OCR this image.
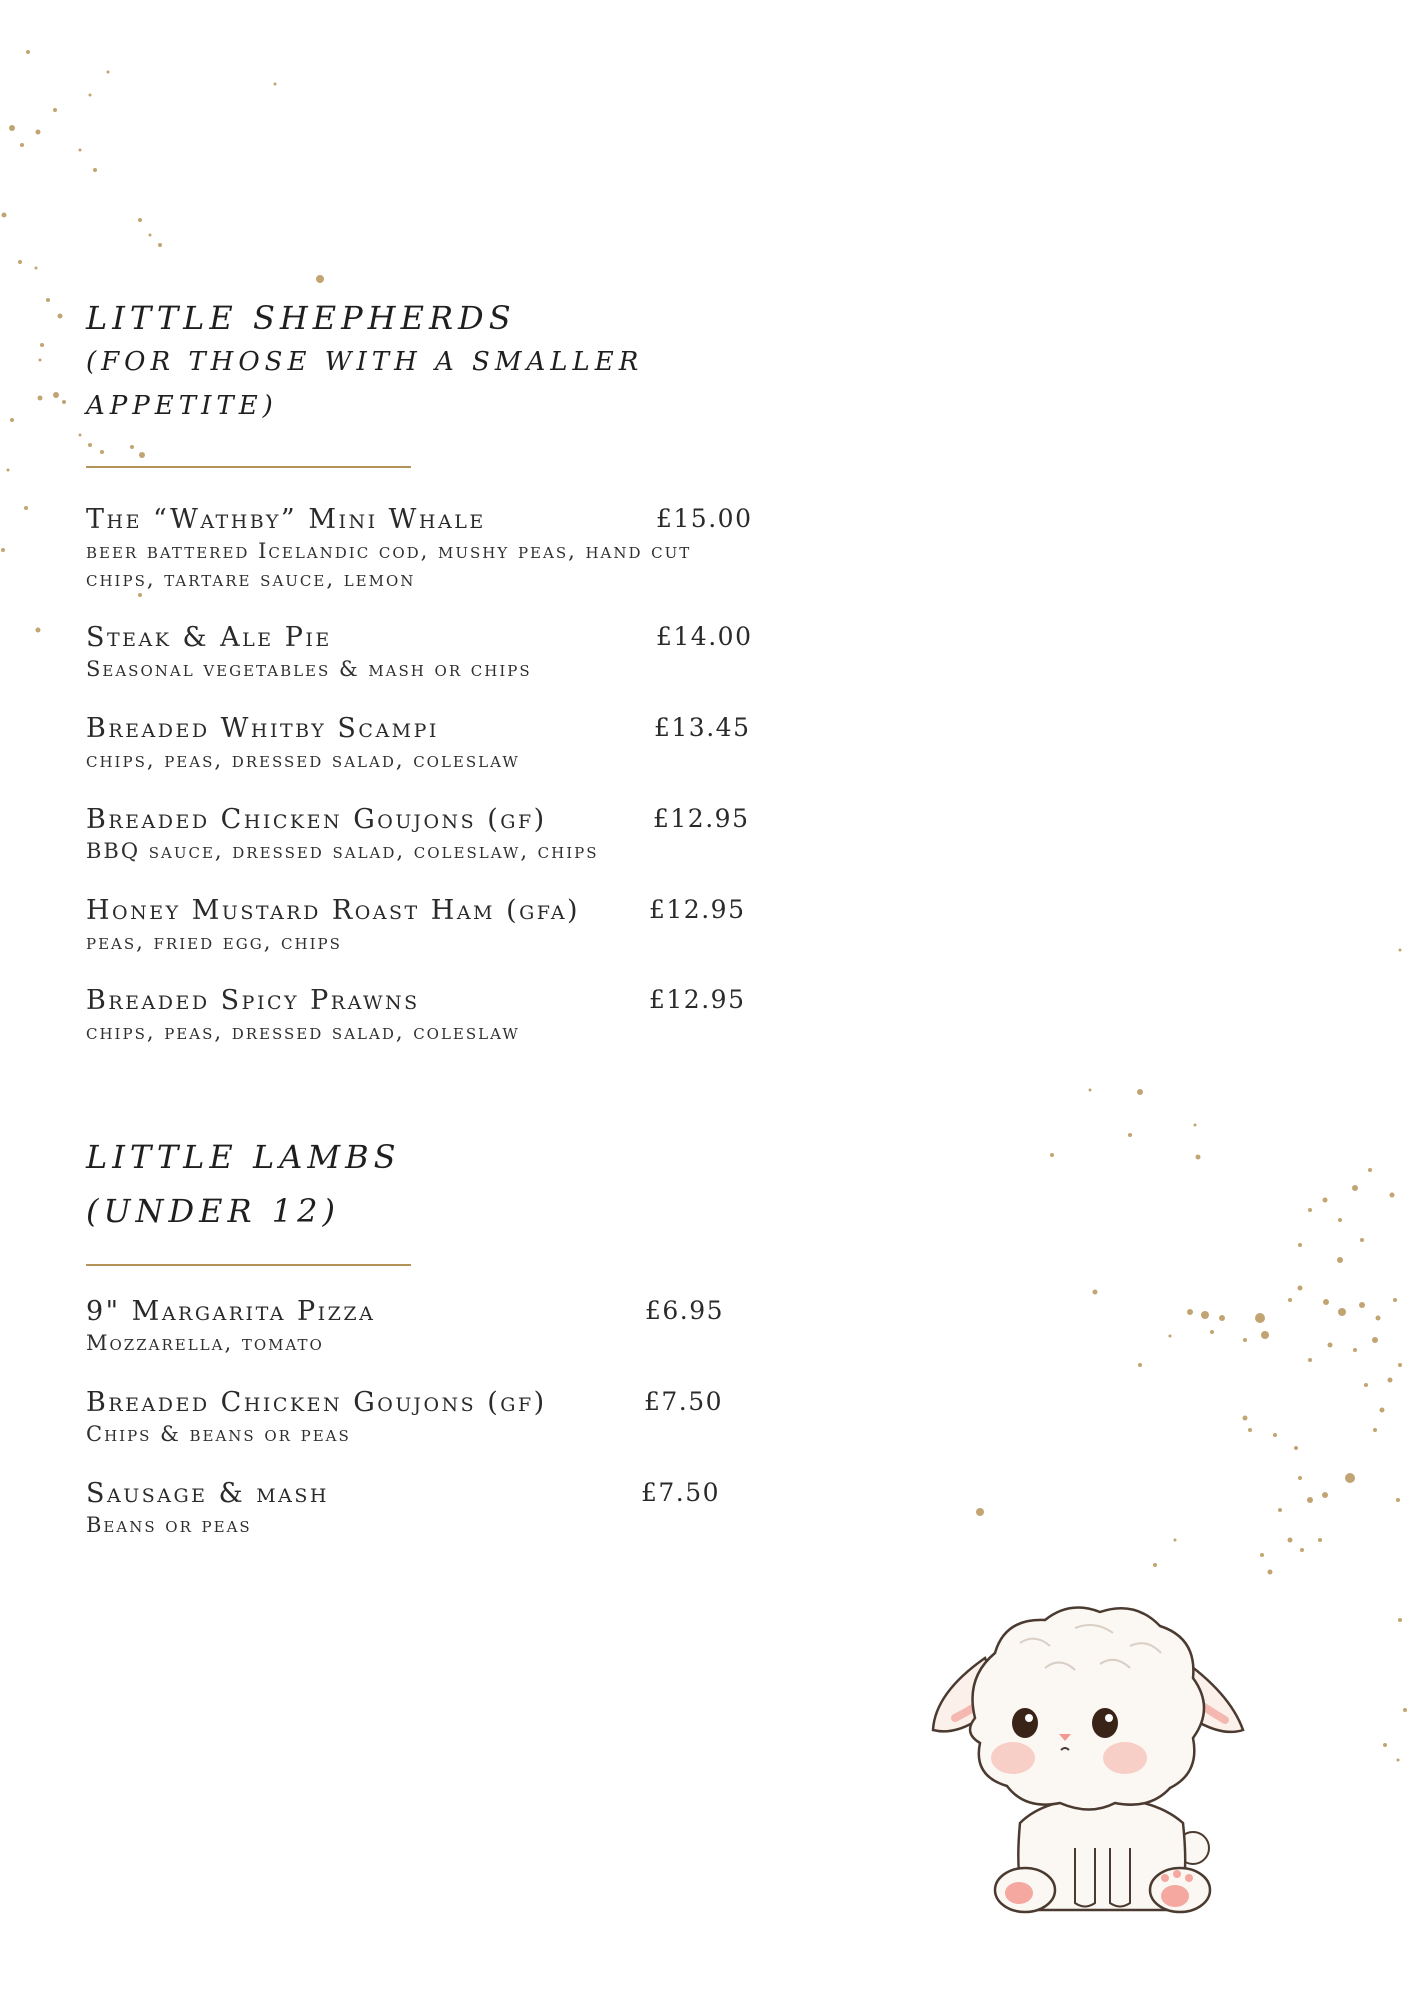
LITTLE SHEPHERDS
(FOR THOSE WITH A SMALLER
APPETITE)
The “Wathby” Mini Whale	£15.00
beer battered Icelandic cod, mushy peas, hand cut chips, tartare sauce, lemon
Steak & Ale Pie	£14.00
Seasonal vegetables & mash or chips
Breaded Whitby Scampi	£13.45
chips, peas, dressed salad, coleslaw
Breaded Chicken Goujons (gf)	£12.95
BBQ sauce, dressed salad, coleslaw, chips
Honey Mustard Roast Ham (gfa)	£12.95
peas, fried egg, chips
Breaded Spicy Prawns	£12.95
chips, peas, dressed salad, coleslaw
LITTLE LAMBS
(UNDER 12)
9" Margarita Pizza	£6.95
Mozzarella, tomato
Breaded Chicken Goujons (gf)	£7.50
Chips & beans or peas
Sausage & mash	£7.50
Beans or peas
